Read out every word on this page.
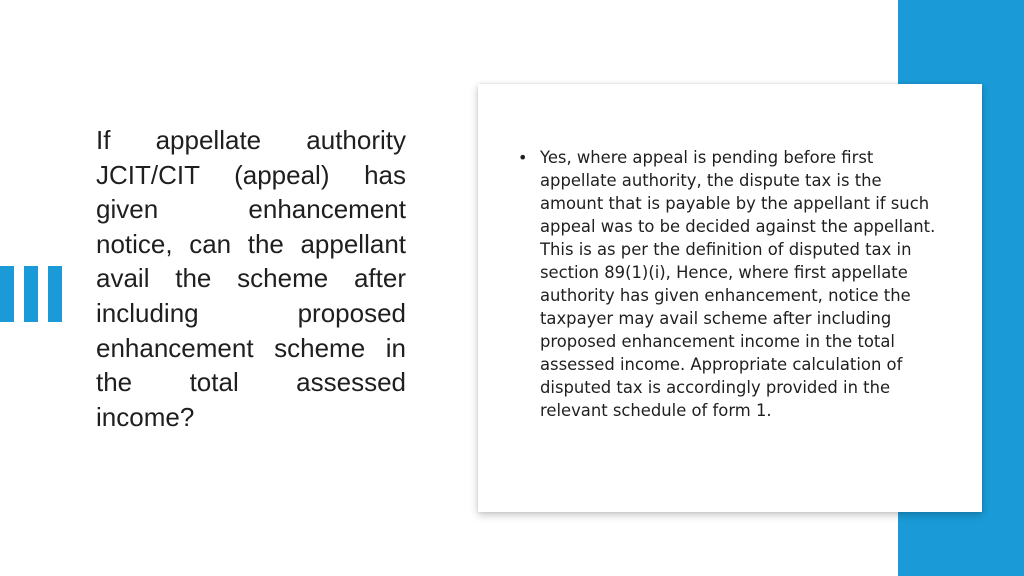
If appellate authority JCIT/CIT (appeal) has given enhancement notice, can the appellant avail the scheme after including proposed enhancement scheme in the total assessed income?

• Yes, where appeal is pending before first appellate authority, the dispute tax is the amount that is payable by the appellant if such appeal was to be decided against the appellant. This is as per the definition of disputed tax in section 89(1)(i), Hence, where first appellate authority has given enhancement, notice the taxpayer may avail scheme after including proposed enhancement income in the total assessed income. Appropriate calculation of disputed tax is accordingly provided in the relevant schedule of form 1.
